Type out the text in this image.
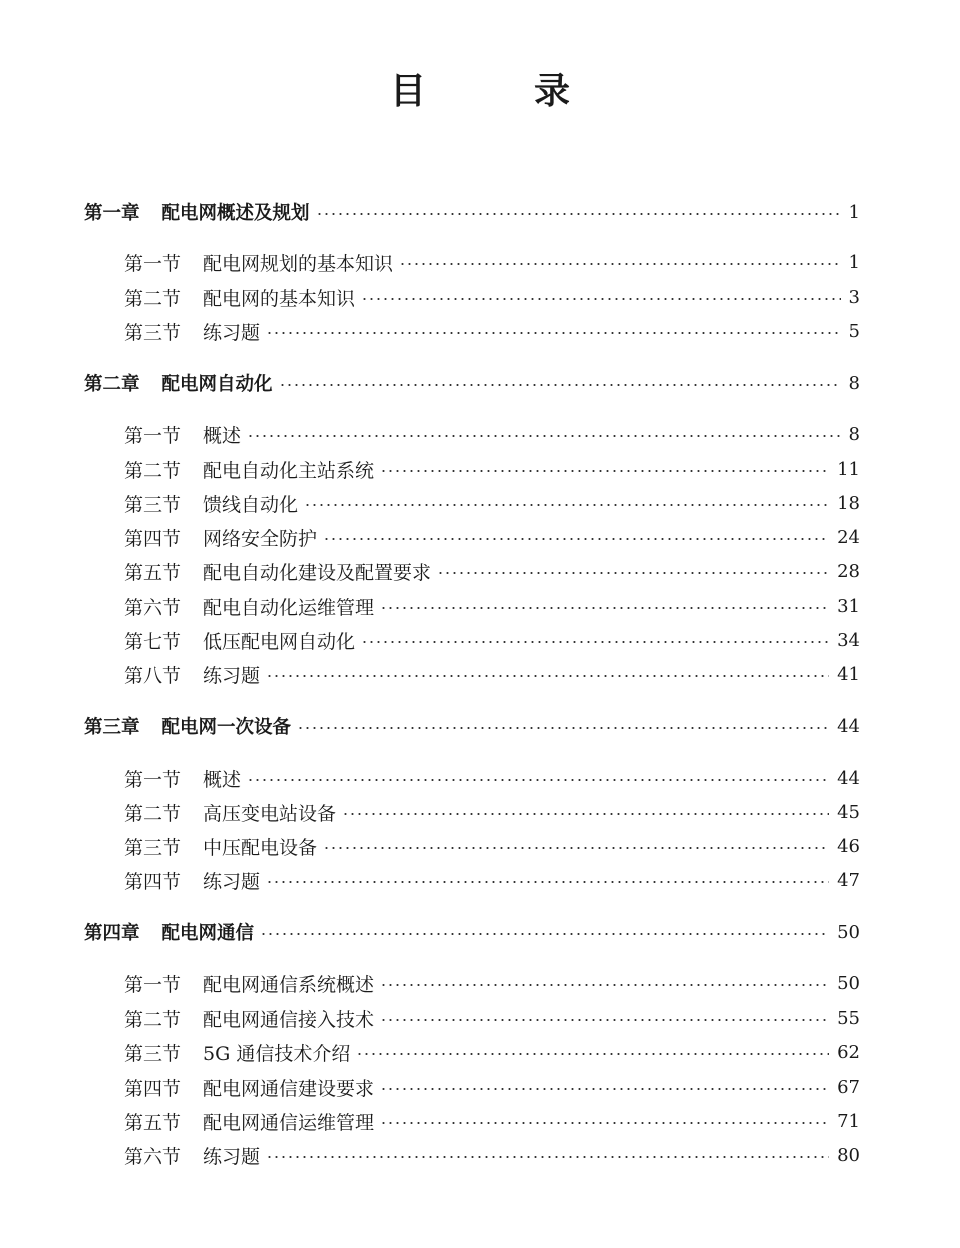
目　录
第一章 配电网概述及规划	1
第一节 配电网规划的基本知识	1
第二节 配电网的基本知识	3
第三节 练习题	5
第二章 配电网自动化	8
第一节 概述	8
第二节 配电自动化主站系统	11
第三节 馈线自动化	18
第四节 网络安全防护	24
第五节 配电自动化建设及配置要求	28
第六节 配电自动化运维管理	31
第七节 低压配电网自动化	34
第八节 练习题	41
第三章 配电网一次设备	44
第一节 概述	44
第二节 高压变电站设备	45
第三节 中压配电设备	46
第四节 练习题	47
第四章 配电网通信	50
第一节 配电网通信系统概述	50
第二节 配电网通信接入技术	55
第三节 5G 通信技术介绍	62
第四节 配电网通信建设要求	67
第五节 配电网通信运维管理	71
第六节 练习题	80
